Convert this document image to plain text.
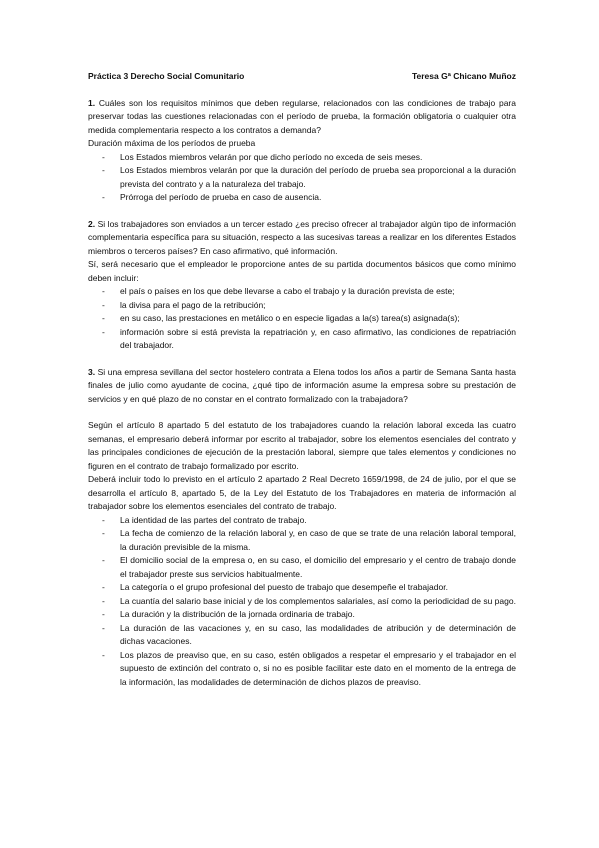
Práctica 3 Derecho Social Comunitario	Teresa Gª Chicano Muñoz

1. Cuáles son los requisitos mínimos que deben regularse, relacionados con las condiciones de trabajo para preservar todas las cuestiones relacionadas con el período de prueba, la formación obligatoria o cualquier otra medida complementaria respecto a los contratos a demanda?

Duración máxima de los períodos de prueba

- Los Estados miembros velarán por que dicho período no exceda de seis meses.
- Los Estados miembros velarán por que la duración del período de prueba sea proporcional a la duración prevista del contrato y a la naturaleza del trabajo.
- Prórroga del período de prueba en caso de ausencia.

2. Si los trabajadores son enviados a un tercer estado ¿es preciso ofrecer al trabajador algún tipo de información complementaria específica para su situación, respecto a las sucesivas tareas a realizar en los diferentes Estados miembros o terceros países? En caso afirmativo, qué información.

Sí, será necesario que el empleador le proporcione antes de su partida documentos básicos que como mínimo deben incluir:

- el país o países en los que debe llevarse a cabo el trabajo y la duración prevista de este;
- la divisa para el pago de la retribución;
- en su caso, las prestaciones en metálico o en especie ligadas a la(s) tarea(s) asignada(s);
- información sobre si está prevista la repatriación y, en caso afirmativo, las condiciones de repatriación del trabajador.

3. Si una empresa sevillana del sector hostelero contrata a Elena todos los años a partir de Semana Santa hasta finales de julio como ayudante de cocina, ¿qué tipo de información asume la empresa sobre su prestación de servicios y en qué plazo de no constar en el contrato formalizado con la trabajadora?

Según el artículo 8 apartado 5 del estatuto de los trabajadores cuando la relación laboral exceda las cuatro semanas, el empresario deberá informar por escrito al trabajador, sobre los elementos esenciales del contrato y las principales condiciones de ejecución de la prestación laboral, siempre que tales elementos y condiciones no figuren en el contrato de trabajo formalizado por escrito.

Deberá incluir todo lo previsto en el artículo 2 apartado 2 Real Decreto 1659/1998, de 24 de julio, por el que se desarrolla el artículo 8, apartado 5, de la Ley del Estatuto de los Trabajadores en materia de información al trabajador sobre los elementos esenciales del contrato de trabajo.

- La identidad de las partes del contrato de trabajo.
- La fecha de comienzo de la relación laboral y, en caso de que se trate de una relación laboral temporal, la duración previsible de la misma.
- El domicilio social de la empresa o, en su caso, el domicilio del empresario y el centro de trabajo donde el trabajador preste sus servicios habitualmente.
- La categoría o el grupo profesional del puesto de trabajo que desempeñe el trabajador.
- La cuantía del salario base inicial y de los complementos salariales, así como la periodicidad de su pago.
- La duración y la distribución de la jornada ordinaria de trabajo.
- La duración de las vacaciones y, en su caso, las modalidades de atribución y de determinación de dichas vacaciones.
- Los plazos de preaviso que, en su caso, estén obligados a respetar el empresario y el trabajador en el supuesto de extinción del contrato o, si no es posible facilitar este dato en el momento de la entrega de la información, las modalidades de determinación de dichos plazos de preaviso.
